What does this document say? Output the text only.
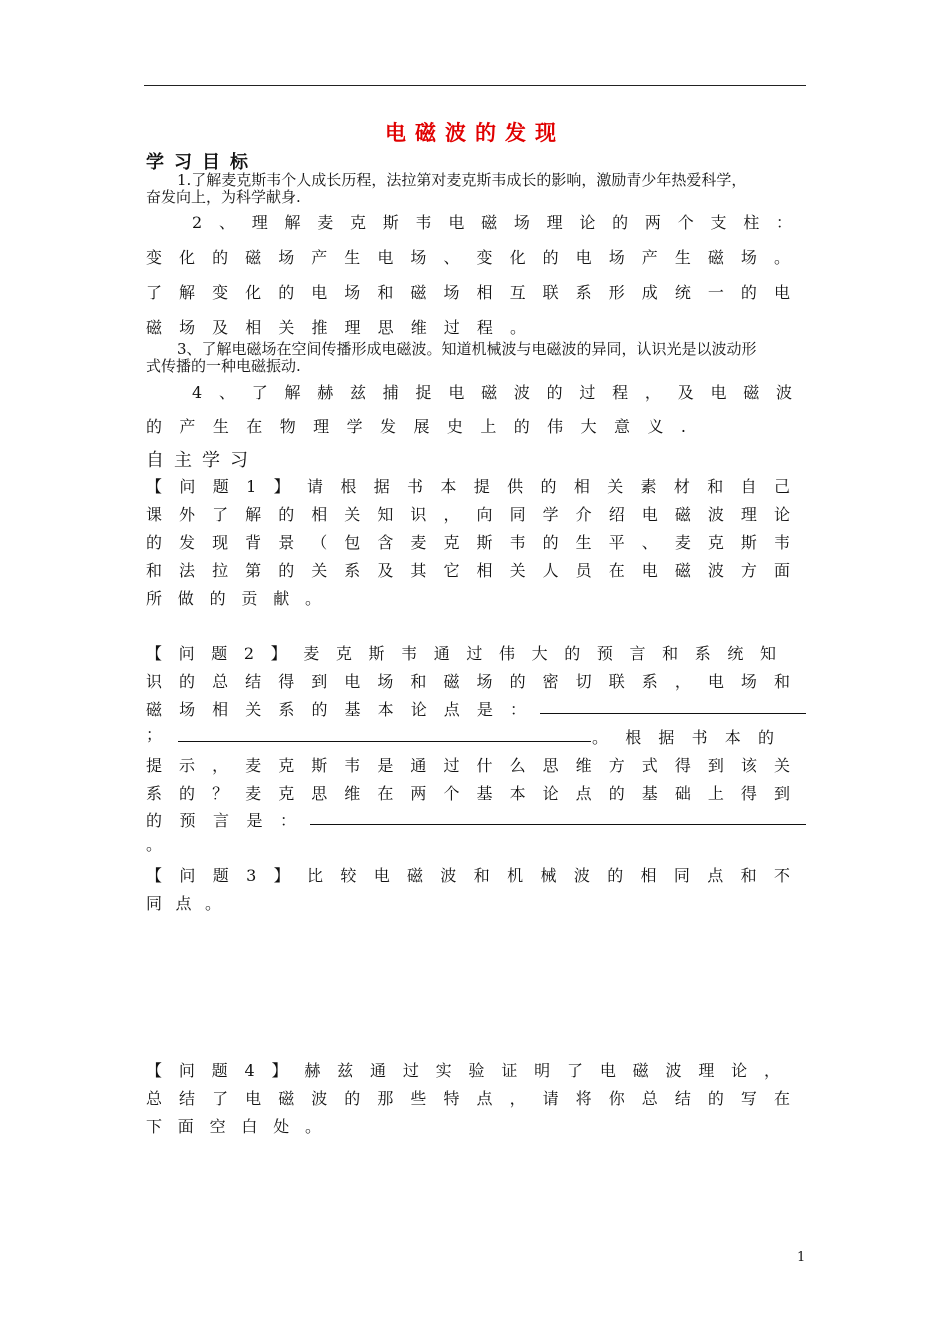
电磁波的发现
学习目标
1.了解麦克斯韦个人成长历程，法拉第对麦克斯韦成长的影响，激励青少年热爱科学，
奋发向上，为科学献身.
2、理解麦克斯韦电磁场理论的两个支柱：
变化的磁场产生电场、变化的电场产生磁场。
了解变化的电场和磁场相互联系形成统一的电
磁场及相关推理思维过程。
3、了解电磁场在空间传播形成电磁波。知道机械波与电磁波的异同，认识光是以波动形
式传播的一种电磁振动.
4、了解赫兹捕捉电磁波的过程，及电磁波
的产生在物理学发展史上的伟大意义.
自主学习
【问题1】请根据书本提供的相关素材和自己
课外了解的相关知识，向同学介绍电磁波理论
的发现背景（包含麦克斯韦的生平、麦克斯韦
和法拉第的关系及其它相关人员在电磁波方面
所做的贡献。
【问题2】麦克斯韦通过伟大的预言和系统知
识的总结得到电场和磁场的密切联系，电场和
磁场相关系的基本论点是：
；	。根据书本的
提示，麦克斯韦是通过什么思维方式得到该关
系的？麦克思维在两个基本论点的基础上得到
的预言是：
。
【问题3】比较电磁波和机械波的相同点和不
同点。
【问题4】赫兹通过实验证明了电磁波理论，
总结了电磁波的那些特点，请将你总结的写在
下面空白处。
1
